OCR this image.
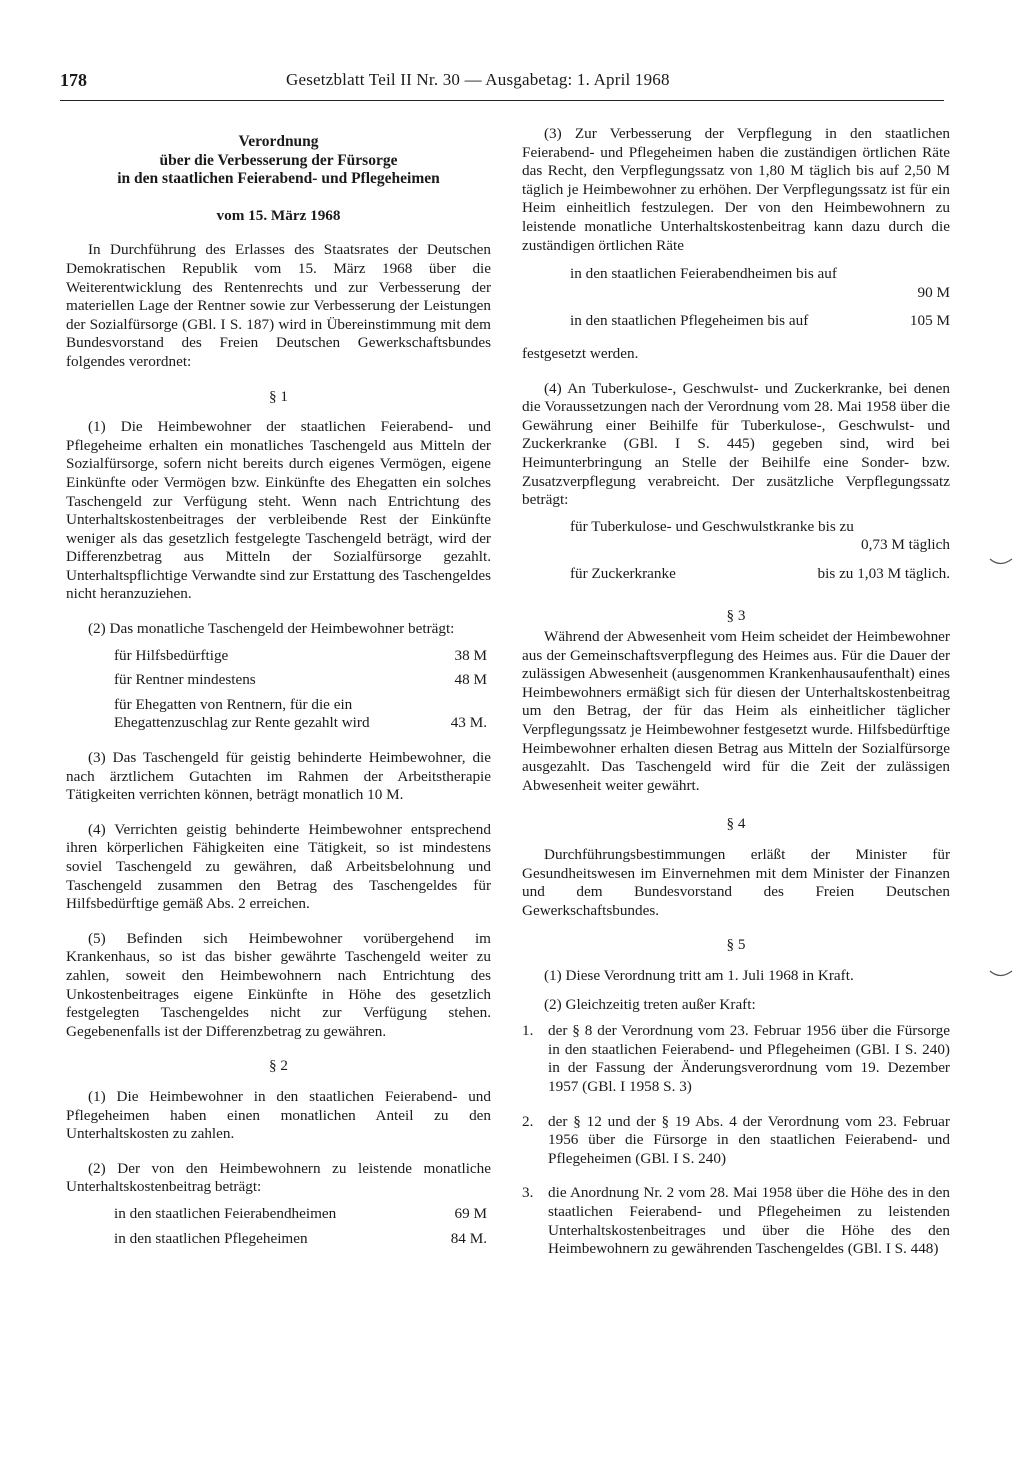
178	Gesetzblatt Teil II Nr. 30 — Ausgabetag: 1. April 1968
Verordnung
über die Verbesserung der Fürsorge
in den staatlichen Feierabend- und Pflegeheimen
vom 15. März 1968

In Durchführung des Erlasses des Staatsrates der Deutschen Demokratischen Republik vom 15. März 1968 über die Weiterentwicklung des Rentenrechts und zur Verbesserung der materiellen Lage der Rentner sowie zur Verbesserung der Leistungen der Sozialfürsorge (GBl. I S. 187) wird in Übereinstimmung mit dem Bundesvorstand des Freien Deutschen Gewerkschaftsbundes folgendes verordnet:

§ 1

(1) Die Heimbewohner der staatlichen Feierabend- und Pflegeheime erhalten ein monatliches Taschengeld aus Mitteln der Sozialfürsorge, sofern nicht bereits durch eigenes Vermögen, eigene Einkünfte oder Vermögen bzw. Einkünfte des Ehegatten ein solches Taschengeld zur Verfügung steht. Wenn nach Entrichtung des Unterhaltskostenbeitrages der verbleibende Rest der Einkünfte weniger als das gesetzlich festgelegte Taschengeld beträgt, wird der Differenzbetrag aus Mitteln der Sozialfürsorge gezahlt. Unterhaltspflichtige Verwandte sind zur Erstattung des Taschengeldes nicht heranzuziehen.

(2) Das monatliche Taschengeld der Heimbewohner beträgt:

für Hilfsbedürftige	38 M
für Rentner mindestens	48 M
für Ehegatten von Rentnern, für die ein Ehegattenzuschlag zur Rente gezahlt wird	43 M.

(3) Das Taschengeld für geistig behinderte Heimbewohner, die nach ärztlichem Gutachten im Rahmen der Arbeitstherapie Tätigkeiten verrichten können, beträgt monatlich 10 M.

(4) Verrichten geistig behinderte Heimbewohner entsprechend ihren körperlichen Fähigkeiten eine Tätigkeit, so ist mindestens soviel Taschengeld zu gewähren, daß Arbeitsbelohnung und Taschengeld zusammen den Betrag des Taschengeldes für Hilfsbedürftige gemäß Abs. 2 erreichen.

(5) Befinden sich Heimbewohner vorübergehend im Krankenhaus, so ist das bisher gewährte Taschengeld weiter zu zahlen, soweit den Heimbewohnern nach Entrichtung des Unkostenbeitrages eigene Einkünfte in Höhe des gesetzlich festgelegten Taschengeldes nicht zur Verfügung stehen. Gegebenenfalls ist der Differenzbetrag zu gewähren.

§ 2

(1) Die Heimbewohner in den staatlichen Feierabend- und Pflegeheimen haben einen monatlichen Anteil zu den Unterhaltskosten zu zahlen.

(2) Der von den Heimbewohnern zu leistende monatliche Unterhaltskostenbeitrag beträgt:

in den staatlichen Feierabendheimen	69 M
in den staatlichen Pflegeheimen	84 M.

(3) Zur Verbesserung der Verpflegung in den staatlichen Feierabend- und Pflegeheimen haben die zuständigen örtlichen Räte das Recht, den Verpflegungssatz von 1,80 M täglich bis auf 2,50 M täglich je Heimbewohner zu erhöhen. Der Verpflegungssatz ist für ein Heim einheitlich festzulegen. Der von den Heimbewohnern zu leistende monatliche Unterhaltskostenbeitrag kann dazu durch die zuständigen örtlichen Räte

in den staatlichen Feierabendheimen bis auf
90 M
in den staatlichen Pflegeheimen bis auf	105 M

festgesetzt werden.

(4) An Tuberkulose-, Geschwulst- und Zuckerkranke, bei denen die Voraussetzungen nach der Verordnung vom 28. Mai 1958 über die Gewährung einer Beihilfe für Tuberkulose-, Geschwulst- und Zuckerkranke (GBl. I S. 445) gegeben sind, wird bei Heimunterbringung an Stelle der Beihilfe eine Sonder- bzw. Zusatzverpflegung verabreicht. Der zusätzliche Verpflegungssatz beträgt:

für Tuberkulose- und Geschwulstkranke bis zu
0,73 M täglich
für Zuckerkranke	bis zu 1,03 M täglich.
§ 3

Während der Abwesenheit vom Heim scheidet der Heimbewohner aus der Gemeinschaftsverpflegung des Heimes aus. Für die Dauer der zulässigen Abwesenheit (ausgenommen Krankenhausaufenthalt) eines Heimbewohners ermäßigt sich für diesen der Unterhaltskostenbeitrag um den Betrag, der für das Heim als einheitlicher täglicher Verpflegungssatz je Heimbewohner festgesetzt wurde. Hilfsbedürftige Heimbewohner erhalten diesen Betrag aus Mitteln der Sozialfürsorge ausgezahlt. Das Taschengeld wird für die Zeit der zulässigen Abwesenheit weiter gewährt.

§ 4

Durchführungsbestimmungen erläßt der Minister für Gesundheitswesen im Einvernehmen mit dem Minister der Finanzen und dem Bundesvorstand des Freien Deutschen Gewerkschaftsbundes.

§ 5

(1) Diese Verordnung tritt am 1. Juli 1968 in Kraft.

(2) Gleichzeitig treten außer Kraft:

1. der § 8 der Verordnung vom 23. Februar 1956 über die Fürsorge in den staatlichen Feierabend- und Pflegeheimen (GBl. I S. 240) in der Fassung der Änderungsverordnung vom 19. Dezember 1957 (GBl. I 1958 S. 3)
2. der § 12 und der § 19 Abs. 4 der Verordnung vom 23. Februar 1956 über die Fürsorge in den staatlichen Feierabend- und Pflegeheimen (GBl. I S. 240)
3. die Anordnung Nr. 2 vom 28. Mai 1958 über die Höhe des in den staatlichen Feierabend- und Pflegeheimen zu leistenden Unterhaltskostenbeitrages und über die Höhe des den Heimbewohnern zu gewährenden Taschengeldes (GBl. I S. 448)
